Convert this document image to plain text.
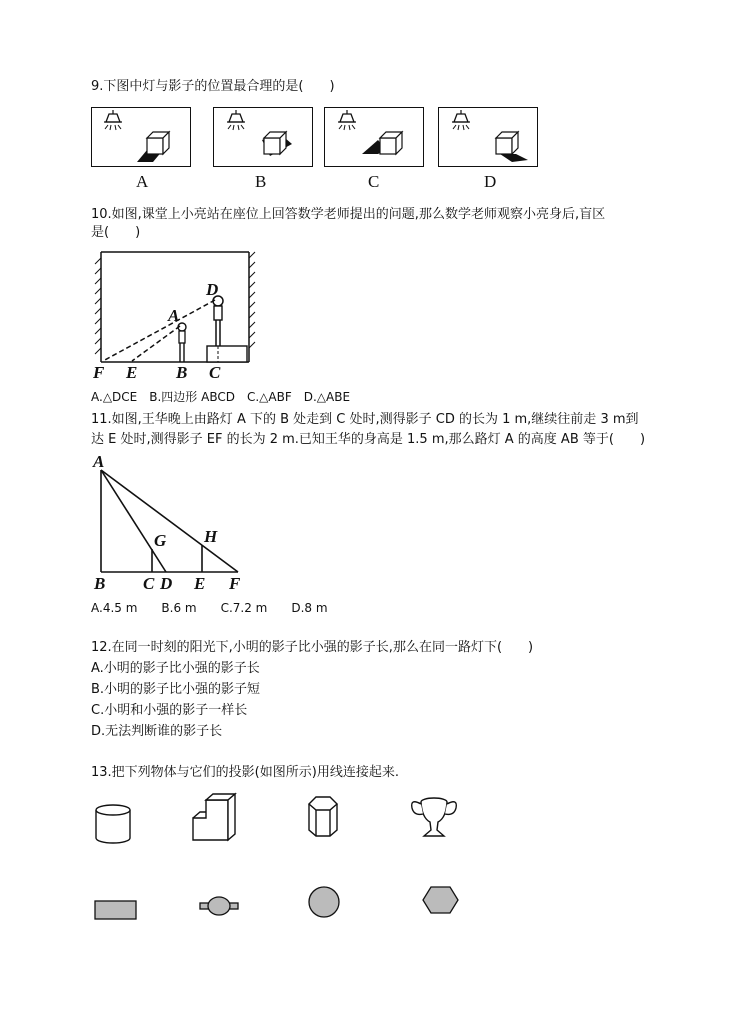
9.下图中灯与影子的位置最合理的是(　　)
A	B	C	D
10.如图,课堂上小亮站在座位上回答数学老师提出的问题,那么数学老师观察小亮身后,盲区
是(　　)
D
A
F E B C
A.△DCE　B.四边形 ABCD　C.△ABF　D.△ABE
11.如图,王华晚上由路灯 A 下的 B 处走到 C 处时,测得影子 CD 的长为 1 m,继续往前走 3 m到
达 E 处时,测得影子 EF 的长为 2 m.已知王华的身高是 1.5 m,那么路灯 A 的高度 AB 等于(　　)
A
G H
B C D E F
A.4.5 m　　B.6 m　　C.7.2 m　　D.8 m
12.在同一时刻的阳光下,小明的影子比小强的影子长,那么在同一路灯下(　　)
A.小明的影子比小强的影子长
B.小明的影子比小强的影子短
C.小明和小强的影子一样长
D.无法判断谁的影子长
13.把下列物体与它们的投影(如图所示)用线连接起来.
